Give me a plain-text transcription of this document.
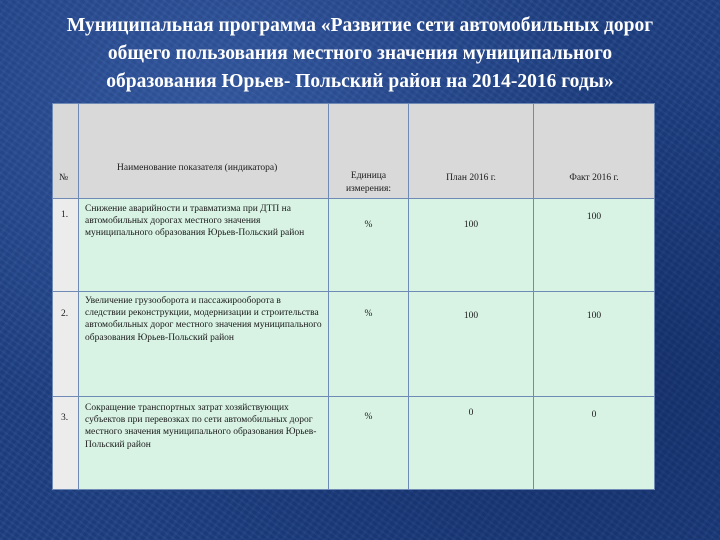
Муниципальная программа «Развитие сети автомобильных дорог
общего пользования местного значения муниципального
образования Юрьев- Польский район на 2014-2016 годы»
№	Наименование показателя (индикатора)	Единица измерения:	План 2016 г.	Факт 2016 г.

1.	Снижение аварийности и травматизма при ДТП на автомобильных дорогах местного значения муниципального образования Юрьев-Польский район	%	100	100

2.	Увеличение грузооборота и пассажирооборота в следствии реконструкции, модернизации и строительства автомобильных дорог местного значения муниципального образования Юрьев-Польский район	%	100	100

3.	Сокращение транспортных затрат хозяйствующих субъектов при перевозках по сети автомобильных дорог местного значения муниципального образования Юрьев-Польский район	%	0	0
